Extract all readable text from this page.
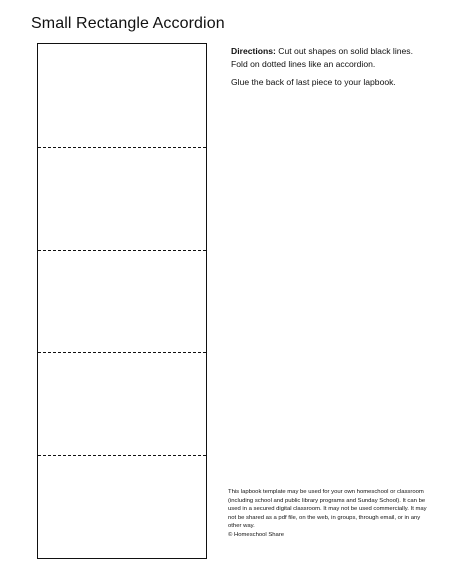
Small Rectangle Accordion

Directions: Cut out shapes on solid black lines. Fold on dotted lines like an accordion.

Glue the back of last piece to your lapbook.

This lapbook template may be used for your own homeschool or classroom (including school and public library programs and Sunday School). It can be used in a secured digital classroom. It may not be used commercially. It may not be shared as a pdf file, on the web, in groups, through email, or in any other way.
© Homeschool Share
